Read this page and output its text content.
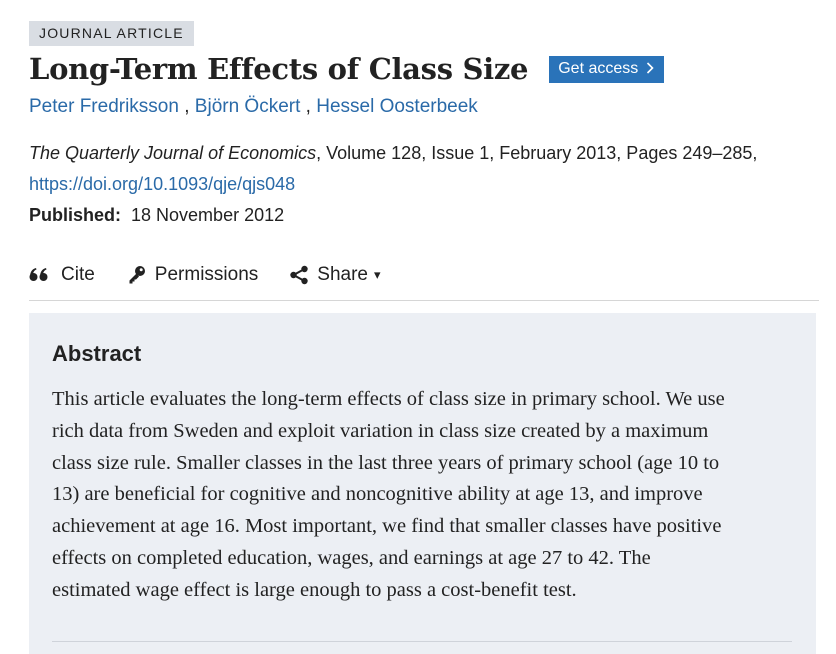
JOURNAL ARTICLE
Long-Term Effects of Class Size Get access
Peter Fredriksson , Björn Öckert , Hessel Oosterbeek
The Quarterly Journal of Economics, Volume 128, Issue 1, February 2013, Pages 249–285,
https://doi.org/10.1093/qje/qjs048
Published: 18 November 2012
Cite	Permissions	Share ▾
Abstract

This article evaluates the long-term effects of class size in primary school. We use
rich data from Sweden and exploit variation in class size created by a maximum
class size rule. Smaller classes in the last three years of primary school (age 10 to
13) are beneficial for cognitive and noncognitive ability at age 13, and improve
achievement at age 16. Most important, we find that smaller classes have positive
effects on completed education, wages, and earnings at age 27 to 42. The
estimated wage effect is large enough to pass a cost-benefit test.
